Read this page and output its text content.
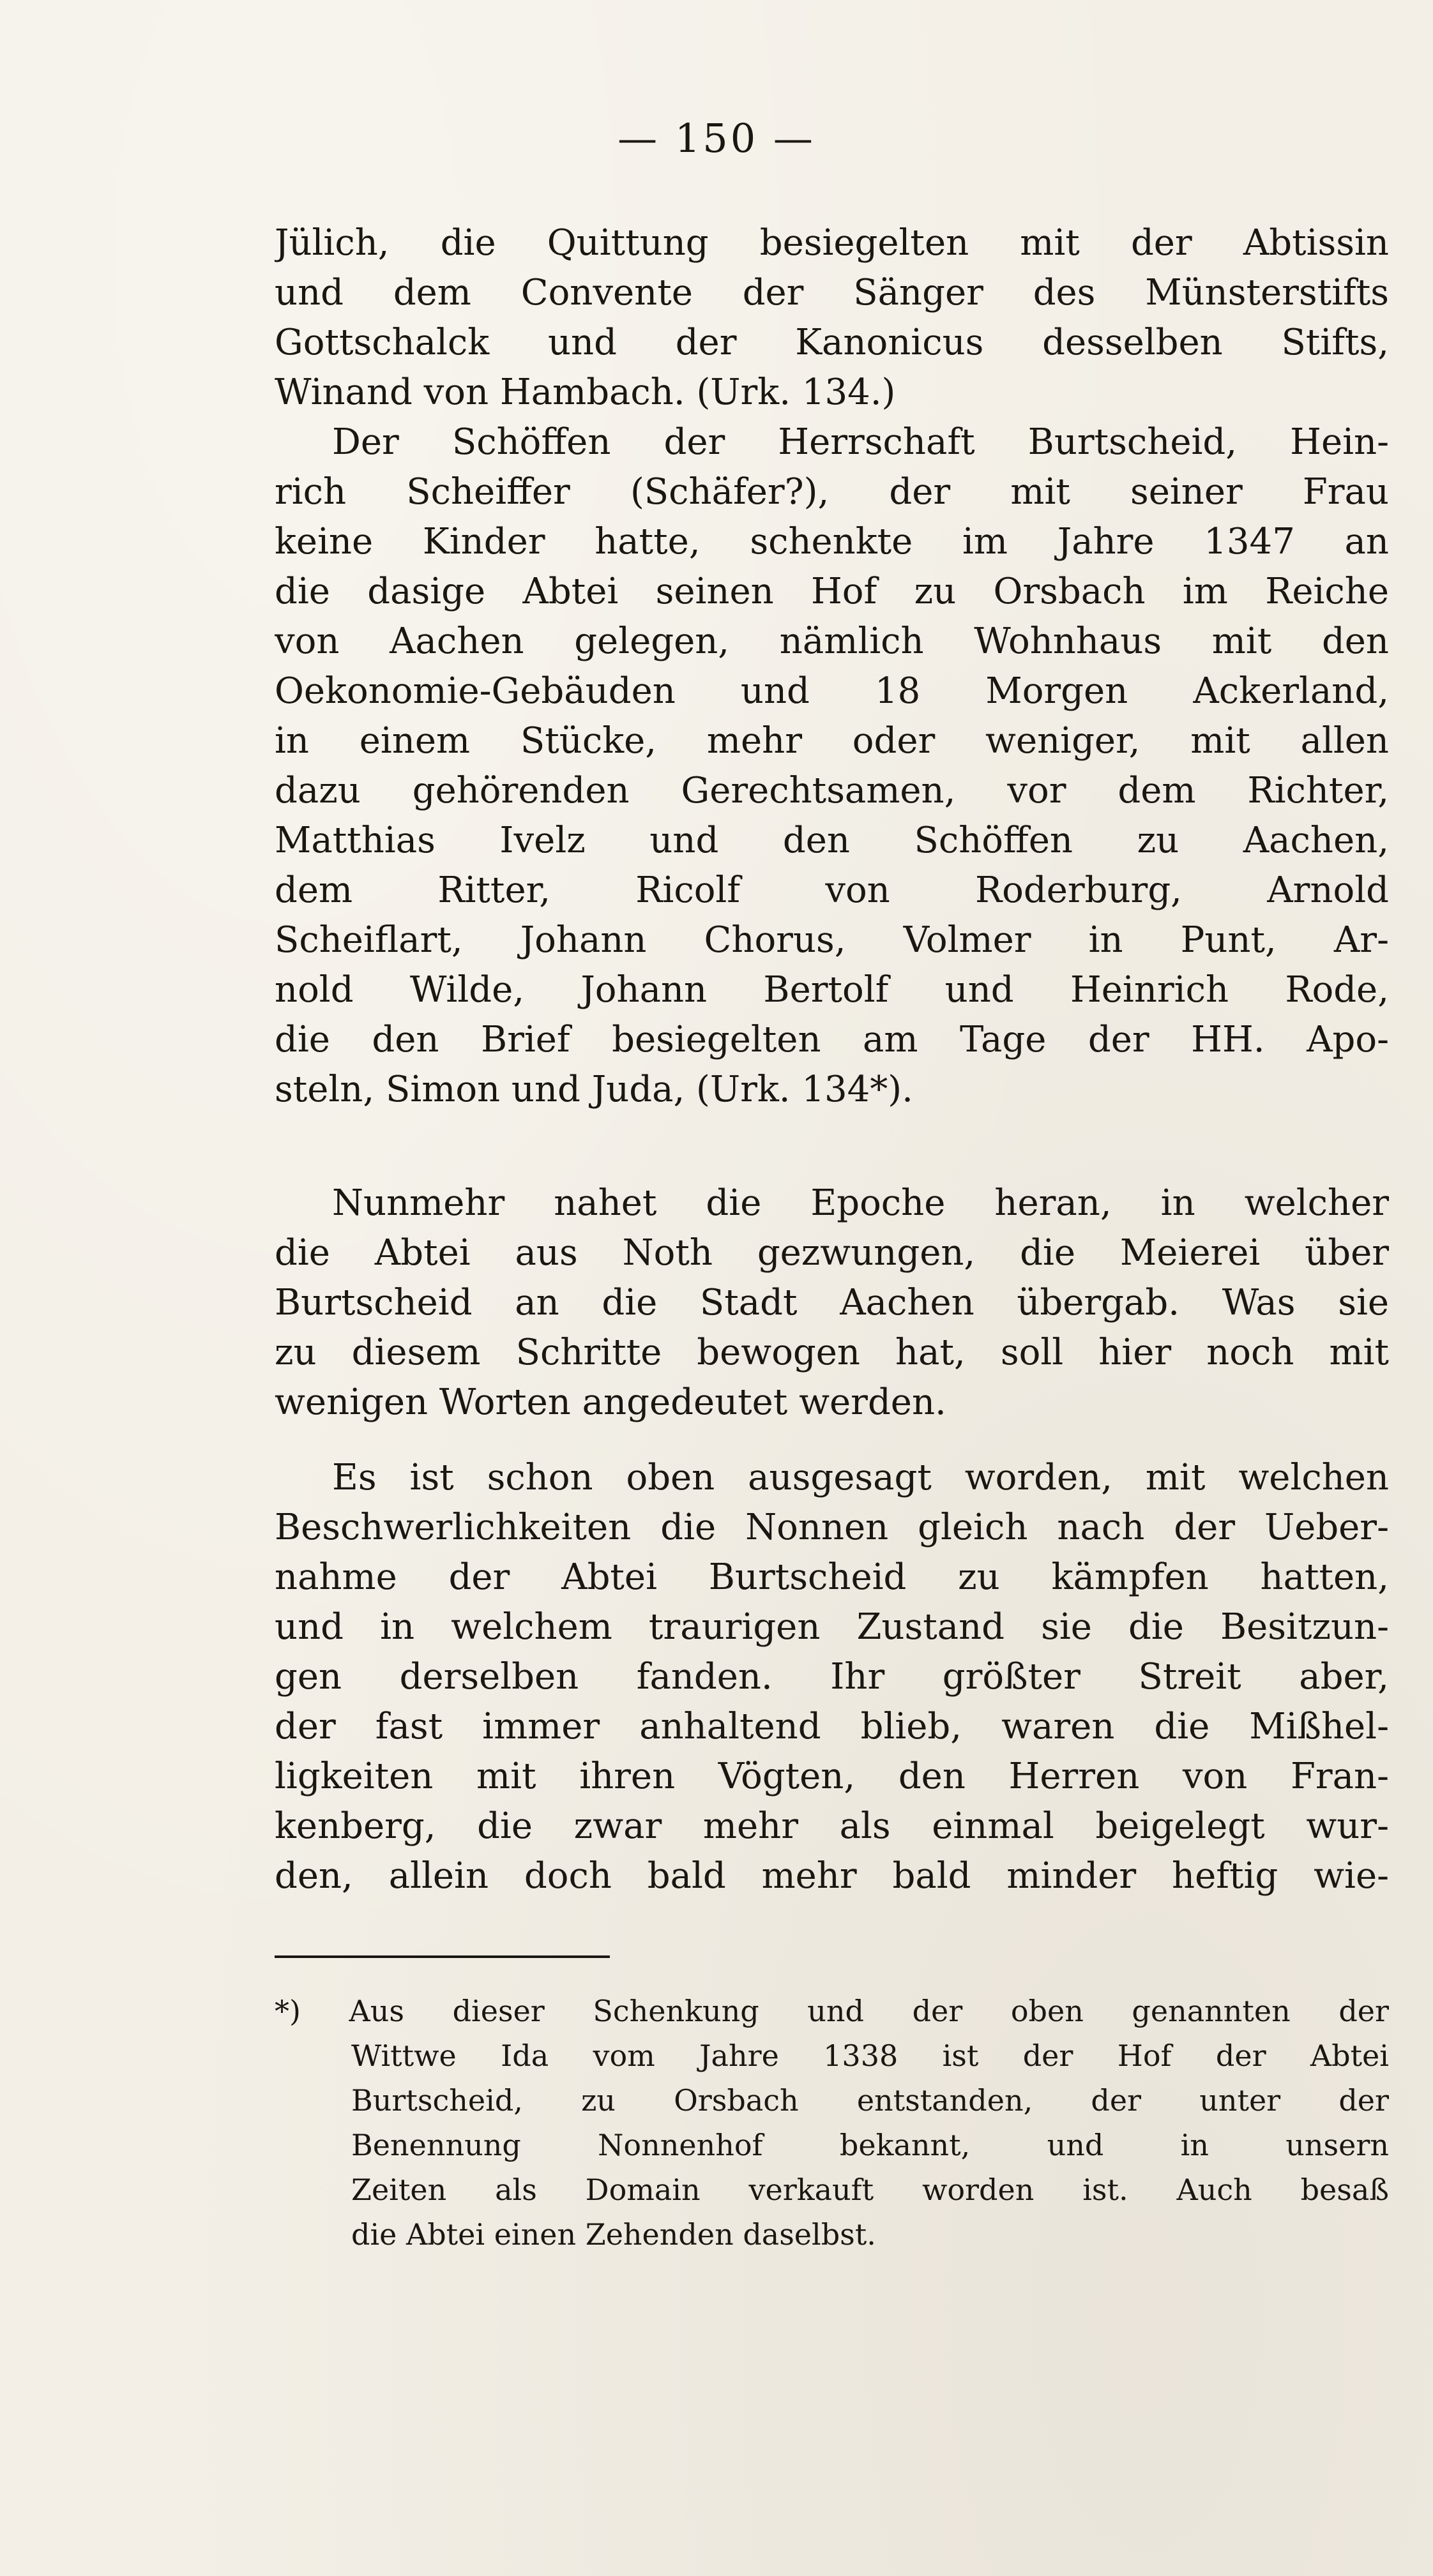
— 150 —
Jülich, die Quittung besiegelten mit der Abtissin
und dem Convente der Sänger des Münsterstifts
Gottschalck und der Kanonicus desselben Stifts,
Winand von Hambach. (Urk. 134.)
Der Schöffen der Herrschaft Burtscheid, Hein-
rich Scheiffer (Schäfer?), der mit seiner Frau
keine Kinder hatte, schenkte im Jahre 1347 an
die dasige Abtei seinen Hof zu Orsbach im Reiche
von Aachen gelegen, nämlich Wohnhaus mit den
Oekonomie-Gebäuden und 18 Morgen Ackerland,
in einem Stücke, mehr oder weniger, mit allen
dazu gehörenden Gerechtsamen, vor dem Richter,
Matthias Ivelz und den Schöffen zu Aachen,
dem Ritter, Ricolf von Roderburg, Arnold
Scheiflart, Johann Chorus, Volmer in Punt, Ar-
nold Wilde, Johann Bertolf und Heinrich Rode,
die den Brief besiegelten am Tage der HH. Apo-
steln, Simon und Juda, (Urk. 134*).
Nunmehr nahet die Epoche heran, in welcher
die Abtei aus Noth gezwungen, die Meierei über
Burtscheid an die Stadt Aachen übergab. Was sie
zu diesem Schritte bewogen hat, soll hier noch mit
wenigen Worten angedeutet werden.
Es ist schon oben ausgesagt worden, mit welchen
Beschwerlichkeiten die Nonnen gleich nach der Ueber-
nahme der Abtei Burtscheid zu kämpfen hatten,
und in welchem traurigen Zustand sie die Besitzun-
gen derselben fanden. Ihr größter Streit aber,
der fast immer anhaltend blieb, waren die Mißhel-
ligkeiten mit ihren Vögten, den Herren von Fran-
kenberg, die zwar mehr als einmal beigelegt wur-
den, allein doch bald mehr bald minder heftig wie-
*) Aus dieser Schenkung und der oben genannten der
Wittwe Ida vom Jahre 1338 ist der Hof der Abtei
Burtscheid, zu Orsbach entstanden, der unter der
Benennung Nonnenhof bekannt, und in unsern
Zeiten als Domain verkauft worden ist. Auch besaß
die Abtei einen Zehenden daselbst.
